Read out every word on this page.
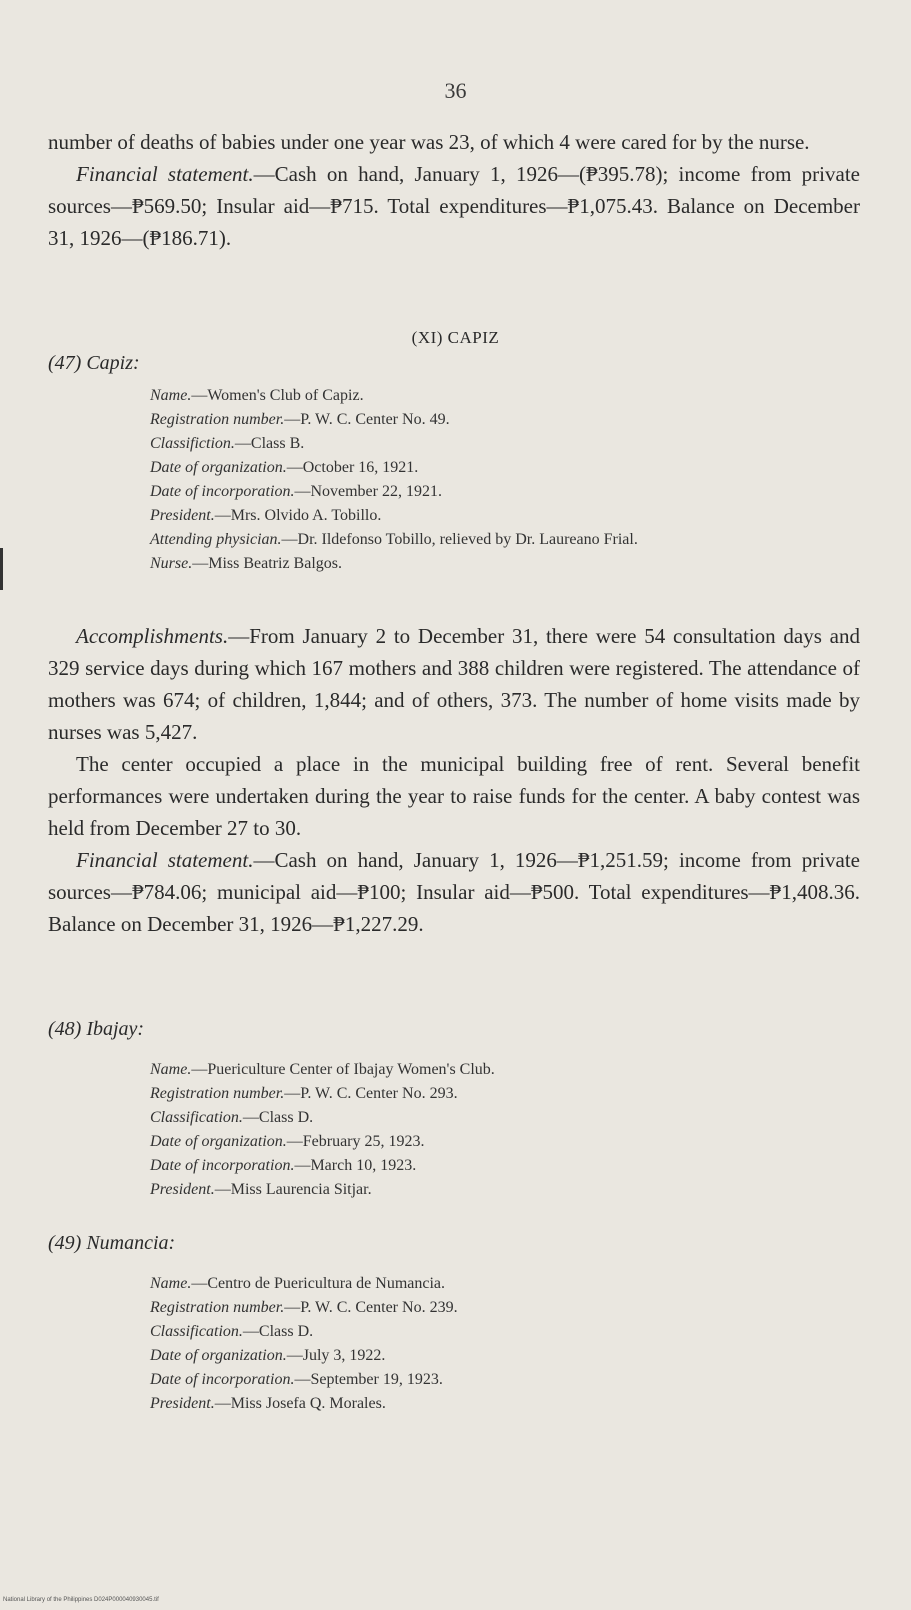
36

number of deaths of babies under one year was 23, of which 4 were cared for by the nurse.

Financial statement.—Cash on hand, January 1, 1926—(₱395.78); income from private sources—₱569.50; Insular aid—₱715. Total expenditures—₱1,075.43. Balance on December 31, 1926—(₱186.71).

(XI) CAPIZ
(47) Capiz:
Name.—Women's Club of Capiz.
Registration number.—P. W. C. Center No. 49.
Classifiction.—Class B.
Date of organization.—October 16, 1921.
Date of incorporation.—November 22, 1921.
President.—Mrs. Olvido A. Tobillo.
Attending physician.—Dr. Ildefonso Tobillo, relieved by Dr. Laureano Frial.
Nurse.—Miss Beatriz Balgos.

Accomplishments.—From January 2 to December 31, there were 54 consultation days and 329 service days during which 167 mothers and 388 children were registered. The attendance of mothers was 674; of children, 1,844; and of others, 373. The number of home visits made by nurses was 5,427.

The center occupied a place in the municipal building free of rent. Several benefit performances were undertaken during the year to raise funds for the center. A baby contest was held from December 27 to 30.

Financial statement.—Cash on hand, January 1, 1926—₱1,251.59; income from private sources—₱784.06; municipal aid—₱100; Insular aid—₱500. Total expenditures—₱1,408.36. Balance on December 31, 1926—₱1,227.29.

(48) Ibajay:
Name.—Puericulture Center of Ibajay Women's Club.
Registration number.—P. W. C. Center No. 293.
Classification.—Class D.
Date of organization.—February 25, 1923.
Date of incorporation.—March 10, 1923.
President.—Miss Laurencia Sitjar.
(49) Numancia:
Name.—Centro de Puericultura de Numancia.
Registration number.—P. W. C. Center No. 239.
Classification.—Class D.
Date of organization.—July 3, 1922.
Date of incorporation.—September 19, 1923.
President.—Miss Josefa Q. Morales.
National Library of the Philippines D024P000040930045.tif
